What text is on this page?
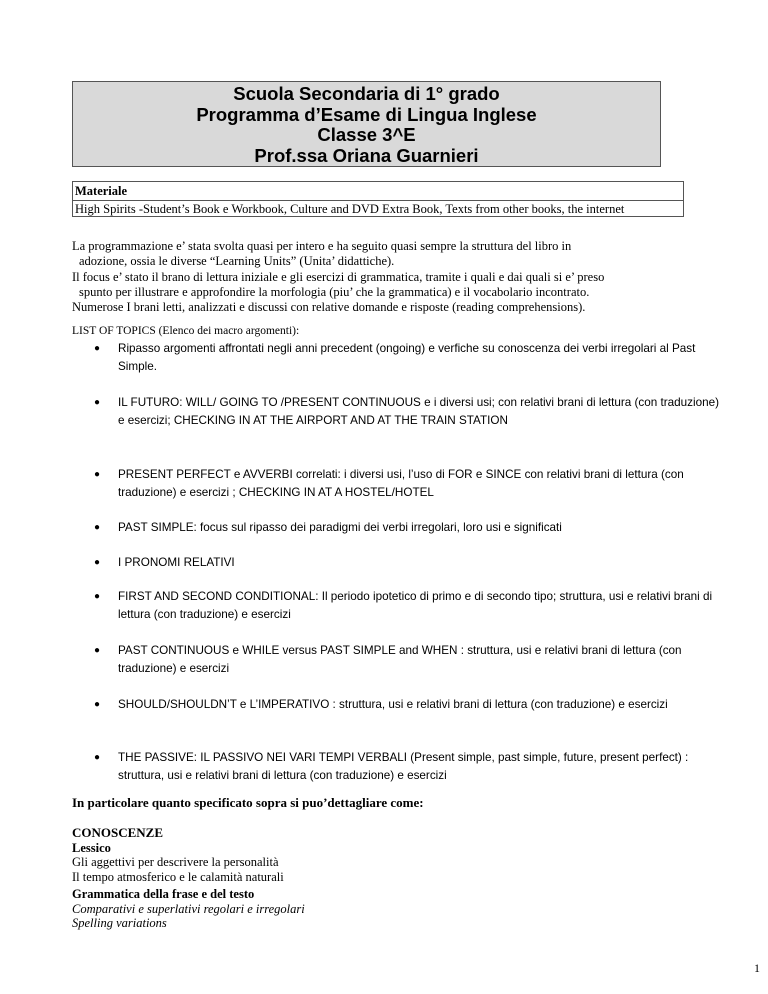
Scuola Secondaria di 1° grado
Programma d’Esame di Lingua Inglese
Classe 3^E
Prof.ssa Oriana Guarnieri
Materiale
High Spirits -Student’s Book e Workbook, Culture and DVD Extra Book, Texts from other books, the internet

La programmazione e’ stata svolta quasi per intero e ha seguito quasi sempre la struttura del libro in

adozione, ossia le diverse “Learning Units” (Unita’ didattiche).

Il focus e’ stato il brano di lettura iniziale e gli esercizi di grammatica, tramite i quali e dai quali si e’ preso

spunto per illustrare e approfondire la morfologia (piu’ che la grammatica) e il vocabolario incontrato.

Numerose I brani letti, analizzati e discussi con relative domande e risposte (reading comprehensions).

LIST OF TOPICS (Elenco dei macro argomenti):
● Ripasso argomenti affrontati negli anni precedent (ongoing) e verfiche su conoscenza dei verbi irregolari al Past Simple.
● IL FUTURO: WILL/ GOING TO /PRESENT CONTINUOUS e i diversi usi; con relativi brani di lettura (con traduzione) e esercizi; CHECKING IN AT THE AIRPORT AND AT THE TRAIN STATION
● PRESENT PERFECT e AVVERBI correlati: i diversi usi, l’uso di FOR e SINCE con relativi brani di lettura (con traduzione) e esercizi ; CHECKING IN AT A HOSTEL/HOTEL
● PAST SIMPLE: focus sul ripasso dei paradigmi dei verbi irregolari, loro usi e significati
● I PRONOMI RELATIVI
● FIRST AND SECOND CONDITIONAL: Il periodo ipotetico di primo e di secondo tipo; struttura, usi e relativi brani di lettura (con traduzione) e esercizi
● PAST CONTINUOUS e WHILE versus PAST SIMPLE and WHEN : struttura, usi e relativi brani di lettura (con traduzione) e esercizi
● SHOULD/SHOULDN’T e L’IMPERATIVO : struttura, usi e relativi brani di lettura (con traduzione) e esercizi
● THE PASSIVE: IL PASSIVO NEI VARI TEMPI VERBALI (Present simple, past simple, future, present perfect) : struttura, usi e relativi brani di lettura (con traduzione) e esercizi
In particolare quanto specificato sopra si puo’dettagliare come:
CONOSCENZE
Lessico
Gli aggettivi per descrivere la personalità
Il tempo atmosferico e le calamità naturali
Grammatica della frase e del testo
Comparativi e superlativi regolari e irregolari
Spelling variations
1
